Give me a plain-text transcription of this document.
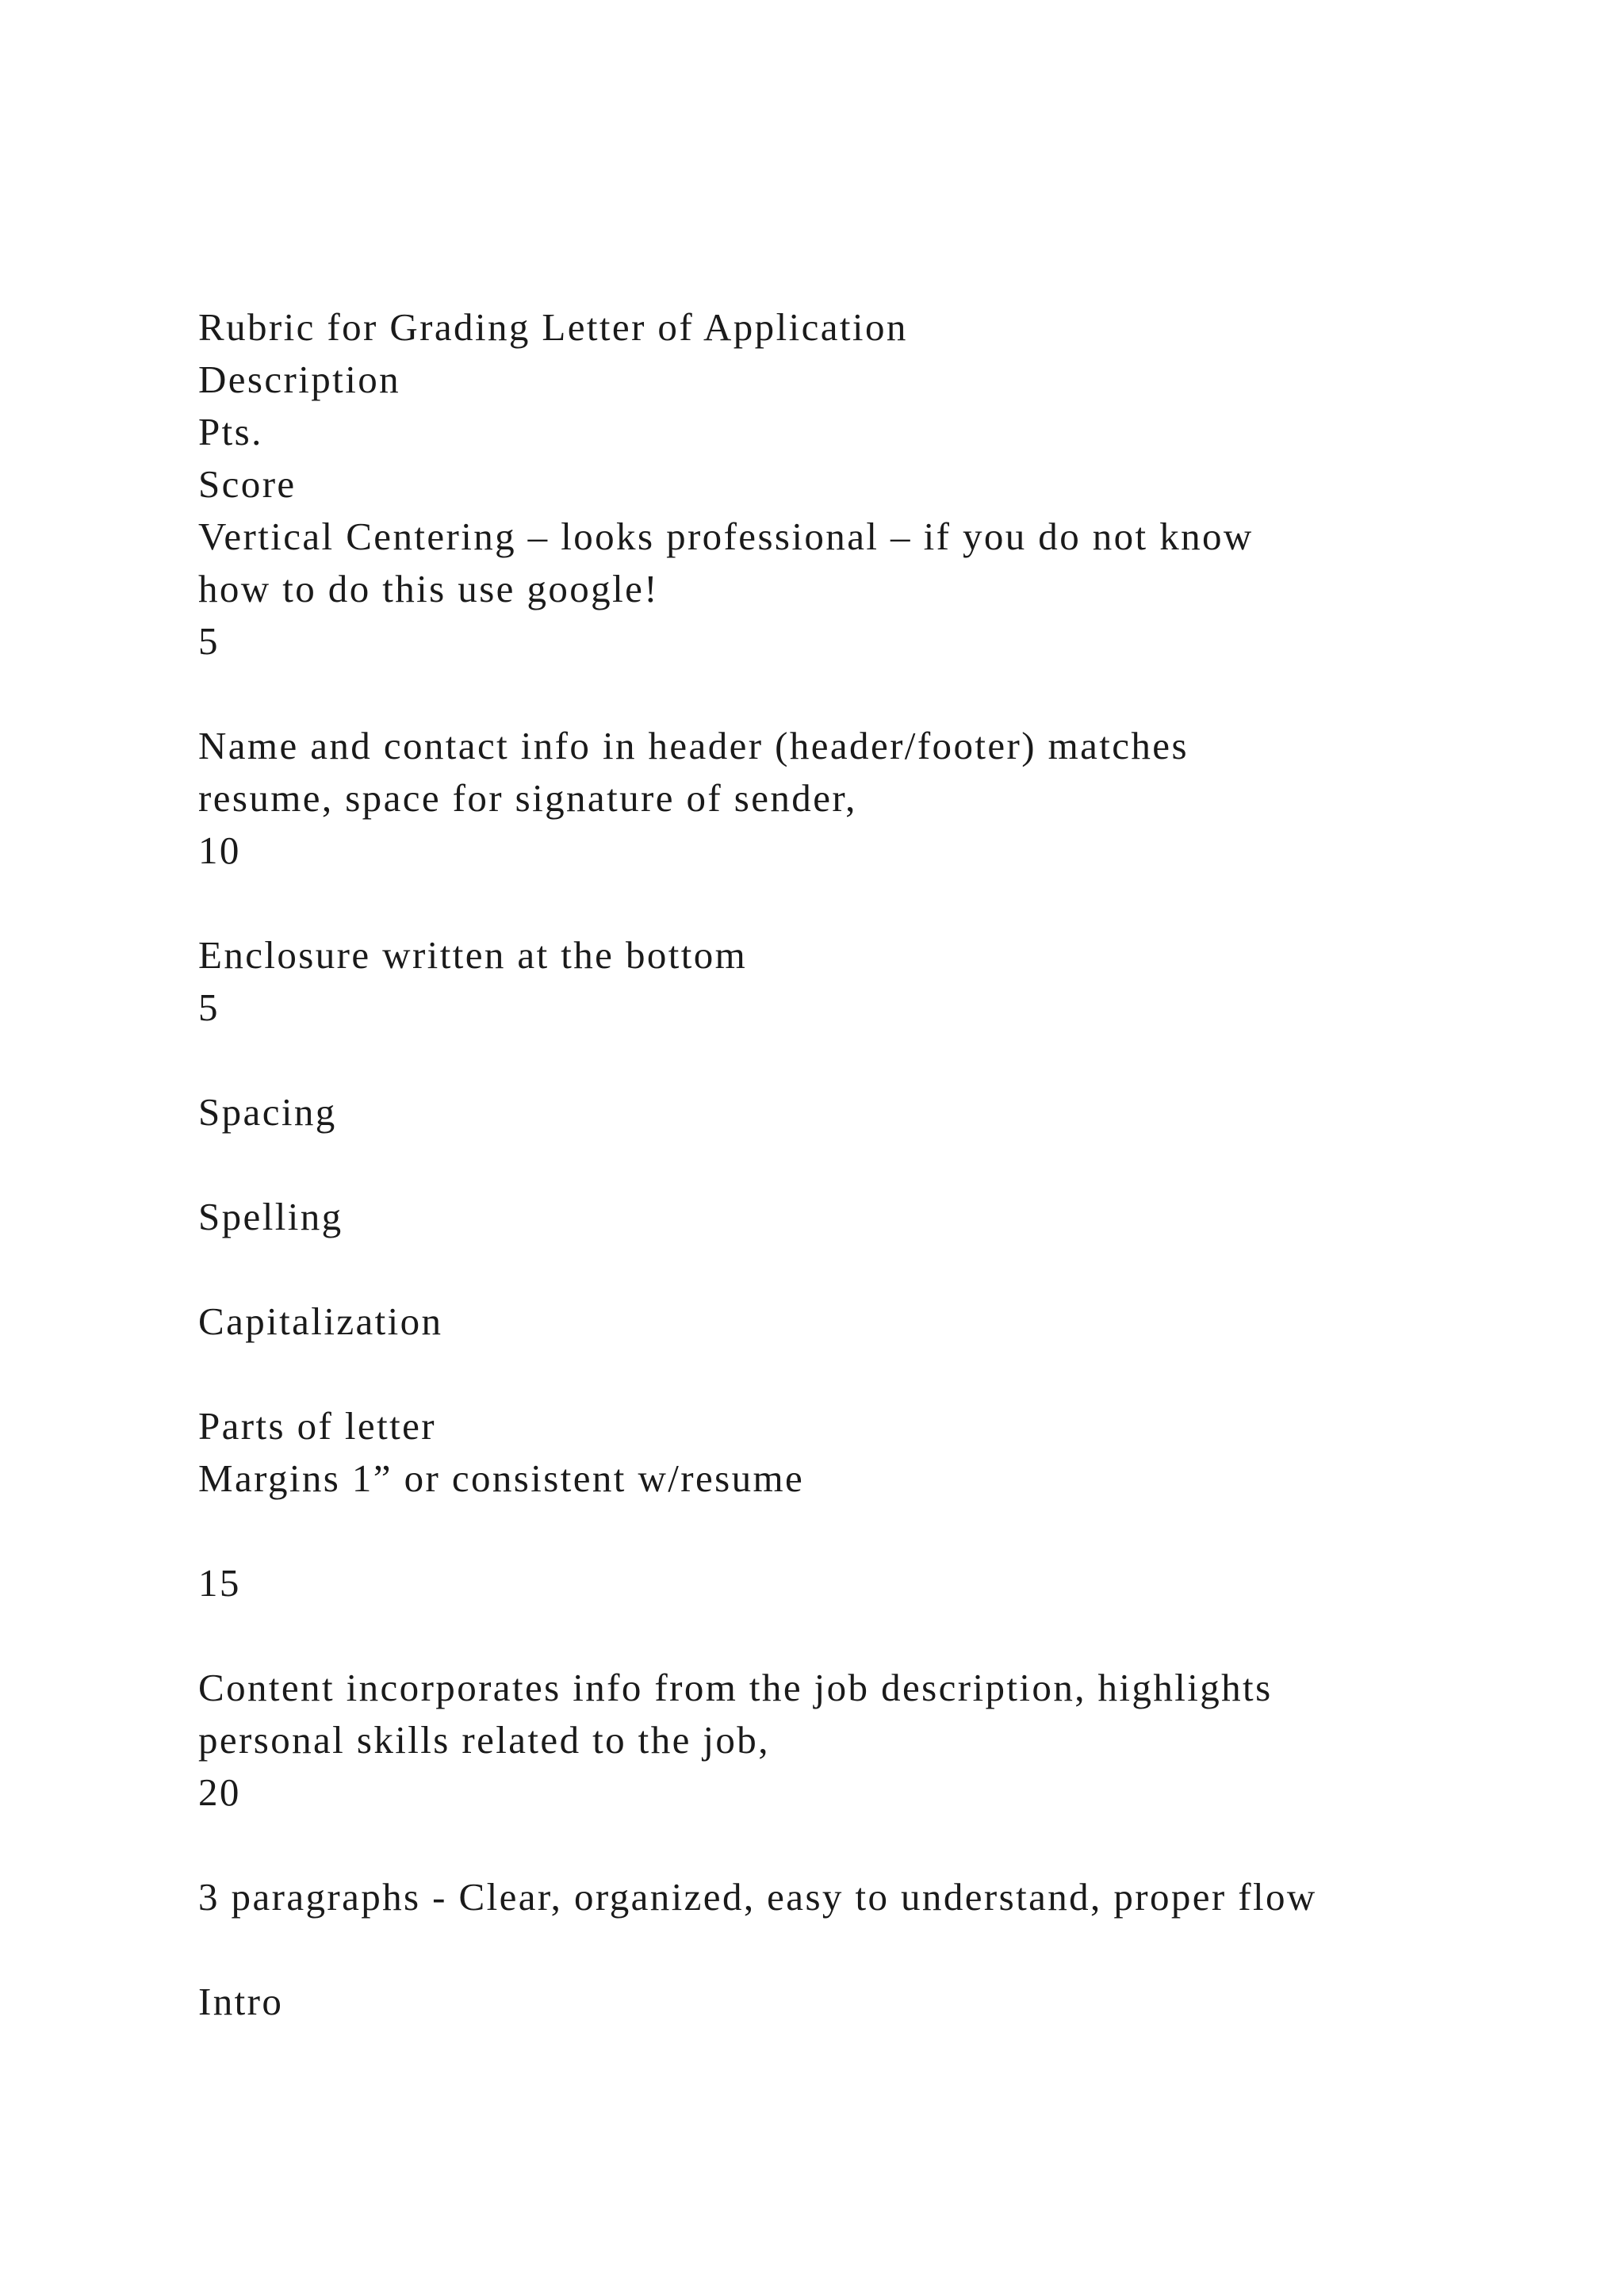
Rubric for Grading Letter of Application
Description
Pts.
Score
Vertical Centering – looks professional – if you do not know
how to do this use google!
5
Name and contact info in header (header/footer) matches
resume, space for signature of sender,
10
Enclosure written at the bottom
5
Spacing
Spelling
Capitalization
Parts of letter
Margins 1” or consistent w/resume
15
Content incorporates info from the job description, highlights
personal skills related to the job,
20
3 paragraphs - Clear, organized, easy to understand, proper flow
Intro
